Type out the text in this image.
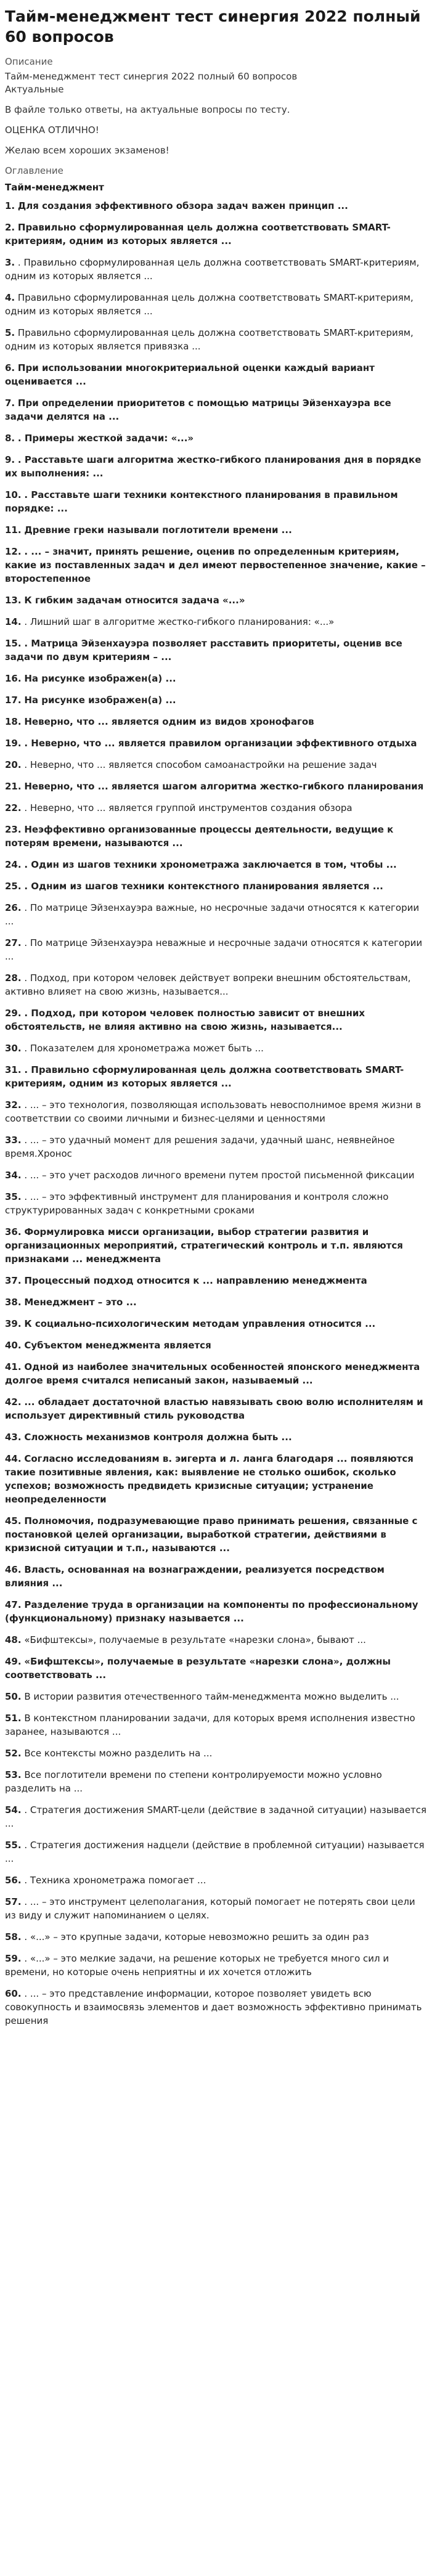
Тайм-менеджмент тест синергия 2022 полный 60 вопросов
Описание

Тайм-менеджмент тест синергия 2022 полный 60 вопросов

Актуальные

В файле только ответы, на актуальные вопросы по тесту.

ОЦЕНКА ОТЛИЧНО!

Желаю всем хороших экзаменов!

Оглавление
Тайм-менеджмент
1. Для создания эффективного обзора задач важен принцип ...
2. Правильно сформулированная цель должна соответствовать SMART-критериям, одним из которых является ...
3. . Правильно сформулированная цель должна соответствовать SMART-критериям, одним из которых является ...
4. Правильно сформулированная цель должна соответствовать SMART-критериям, одним из которых является ...
5. Правильно сформулированная цель должна соответствовать SMART-критериям, одним из которых является привязка ...
6. При использовании многокритериальной оценки каждый вариант оценивается ...
7. При определении приоритетов с помощью матрицы Эйзенхауэра все задачи делятся на ...
8. . Примеры жесткой задачи: «...»
9. . Расставьте шаги алгоритма жестко-гибкого планирования дня в порядке их выполнения: ...
10. . Расставьте шаги техники контекстного планирования в правильном порядке: ...
11. Древние греки называли поглотители времени ...
12. . ... – значит, принять решение, оценив по определенным критериям, какие из поставленных задач и дел имеют первостепенное значение, какие – второстепенное
13. К гибким задачам относится задача «...»
14. . Лишний шаг в алгоритме жестко-гибкого планирования: «...»
15. . Матрица Эйзенхауэра позволяет расставить приоритеты, оценив все задачи по двум критериям – ...
16. На рисунке изображен(а) ...
17. На рисунке изображен(а) ...
18. Неверно, что ... является одним из видов хронофагов
19. . Неверно, что ... является правилом организации эффективного отдыха
20. . Неверно, что ... является способом самоанастройки на решение задач
21. Неверно, что ... является шагом алгоритма жестко-гибкого планирования
22. . Неверно, что ... является группой инструментов создания обзора
23. Неэффективно организованные процессы деятельности, ведущие к потерям времени, называются ...
24. . Один из шагов техники хронометража заключается в том, чтобы ...
25. . Одним из шагов техники контекстного планирования является ...
26. . По матрице Эйзенхауэра важные, но несрочные задачи относятся к категории ...
27. . По матрице Эйзенхауэра неважные и несрочные задачи относятся к категории ...
28. . Подход, при котором человек действует вопреки внешним обстоятельствам, активно влияет на свою жизнь, называется...
29. . Подход, при котором человек полностью зависит от внешних обстоятельств, не влияя активно на свою жизнь, называется...
30. . Показателем для хронометража может быть ...
31. . Правильно сформулированная цель должна соответствовать SMART-критериям, одним из которых является ...
32. . ... – это технология, позволяющая использовать невосполнимое время жизни в соответствии со своими личными и бизнес-целями и ценностями
33. . ... – это удачный момент для решения задачи, удачный шанс, неявнейное время.Хронос
34. . ... – это учет расходов личного времени путем простой письменной фиксации
35. . ... – это эффективный инструмент для планирования и контроля сложно структурированных задач с конкретными сроками
36. Формулировка мисси организации, выбор стратегии развития и организационных мероприятий, стратегический контроль и т.п. являются признаками ... менеджмента
37. Процессный подход относится к ... направлению менеджмента
38. Менеджмент – это ...
39. К социально-психологическим методам управления относится ...
40. Субъектом менеджмента является
41. Одной из наиболее значительных особенностей японского менеджмента долгое время считался неписаный закон, называемый ...
42. ... обладает достаточной властью навязывать свою волю исполнителям и использует директивный стиль руководства
43. Сложность механизмов контроля должна быть ...
44. Согласно исследованиям в. эигерта и л. ланга благодаря ... появляются такие позитивные явления, как: выявление не столько ошибок, сколько успехов; возможность предвидеть кризисные ситуации; устранение неопределенности
45. Полномочия, подразумевающие право принимать решения, связанные с постановкой целей организации, выработкой стратегии, действиями в кризисной ситуации и т.п., называются ...
46. Власть, основанная на вознаграждении, реализуется посредством влияния ...
47. Разделение труда в организации на компоненты по профессиональному (функциональному) признаку называется ...
48. «Бифштексы», получаемые в результате «нарезки слона», бывают ...
49. «Бифштексы», получаемые в результате «нарезки слона», должны соответствовать ...
50. В истории развития отечественного тайм-менеджмента можно выделить ...
51. В контекстном планировании задачи, для которых время исполнения известно заранее, называются ...
52. Все контексты можно разделить на ...
53. Все поглотители времени по степени контролируемости можно условно разделить на ...
54. . Стратегия достижения SMART-цели (действие в задачной ситуации) называется ...
55. . Стратегия достижения надцели (действие в проблемной ситуации) называется ...
56. . Техника хронометража помогает ...
57. . ... – это инструмент целеполагания, который помогает не потерять свои цели из виду и служит напоминанием о целях.
58. . «...» – это крупные задачи, которые невозможно решить за один раз
59. . «...» – это мелкие задачи, на решение которых не требуется много сил и времени, но которые очень неприятны и их хочется отложить
60. . ... – это представление информации, которое позволяет увидеть всю совокупность и взаимосвязь элементов и дает возможность эффективно принимать решения
